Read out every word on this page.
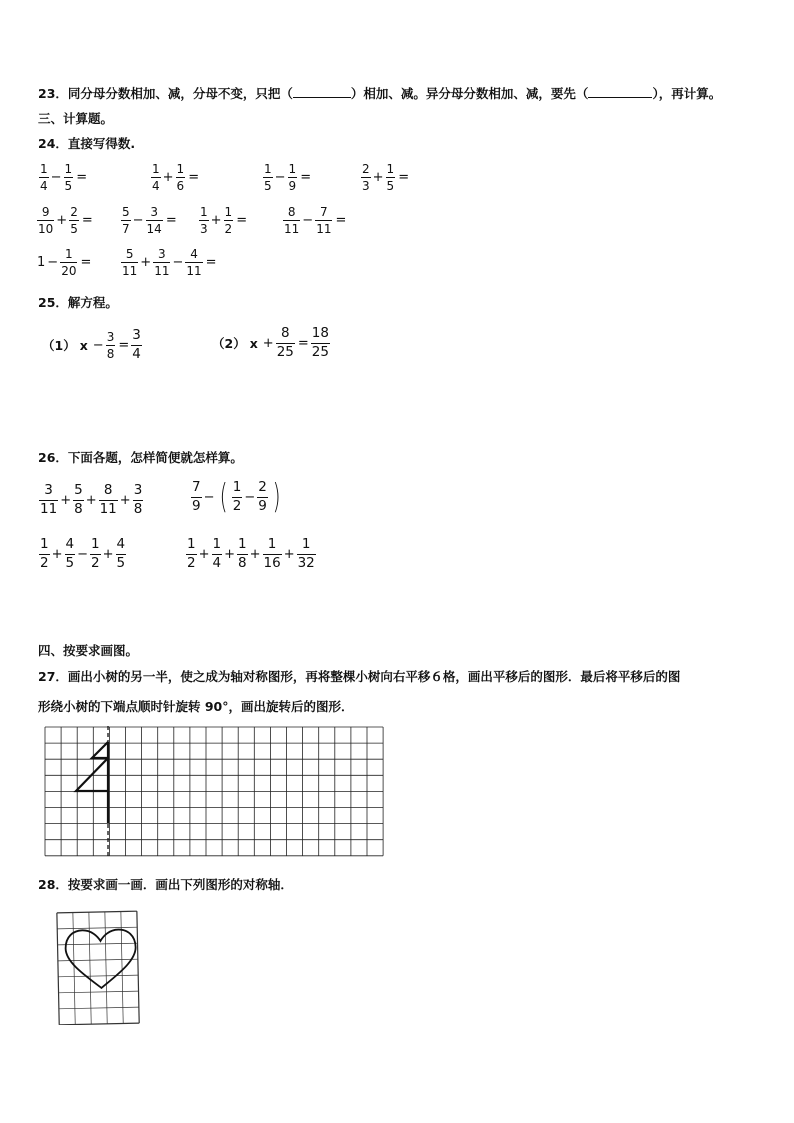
23．同分母分数相加、减，分母不变，只把（	）相加、减。异分母分数相加、减，要先（	），再计算。
三、计算题。
24．直接写得数.
$\frac{1}{4} - \frac{1}{5}$ =	$\frac{1}{4} + \frac{1}{6}$ =	$\frac{1}{5} - \frac{1}{9}$ =	$\frac{2}{3} + \frac{1}{5}$ =
$\frac{9}{10} + \frac{2}{5} = \frac{5}{7} - \frac{3}{14} = \frac{1}{3} + \frac{1}{2}$ =	$\frac{8}{11} - \frac{7}{11}$ =
$1 - \frac{1}{20} = \frac{5}{11} + \frac{3}{11} - \frac{4}{11}$ =
25．解方程。
（1） $x - \frac{3}{8} = \frac{3}{4}$	（2） $x + \frac{8}{25} = \frac{18}{25}$
26．下面各题，怎样简便就怎样算。
$\frac{3}{11} + \frac{5}{8} + \frac{8}{11} + \frac{3}{8}$	$\frac{7}{9}$ − ( $\frac{1}{2} - \frac{2}{9}$ )
$\frac{1}{2} + \frac{4}{5} - \frac{1}{2} + \frac{4}{5}$	$\frac{1}{2} + \frac{1}{4} + \frac{1}{8} + \frac{1}{16} + \frac{1}{32}$
四、按要求画图。
27．画出小树的另一半，使之成为轴对称图形，再将整棵小树向右平移６格，画出平移后的图形．最后将平移后的图
形绕小树的下端点顺时针旋转 90°，画出旋转后的图形．
28．按要求画一画．画出下列图形的对称轴．
